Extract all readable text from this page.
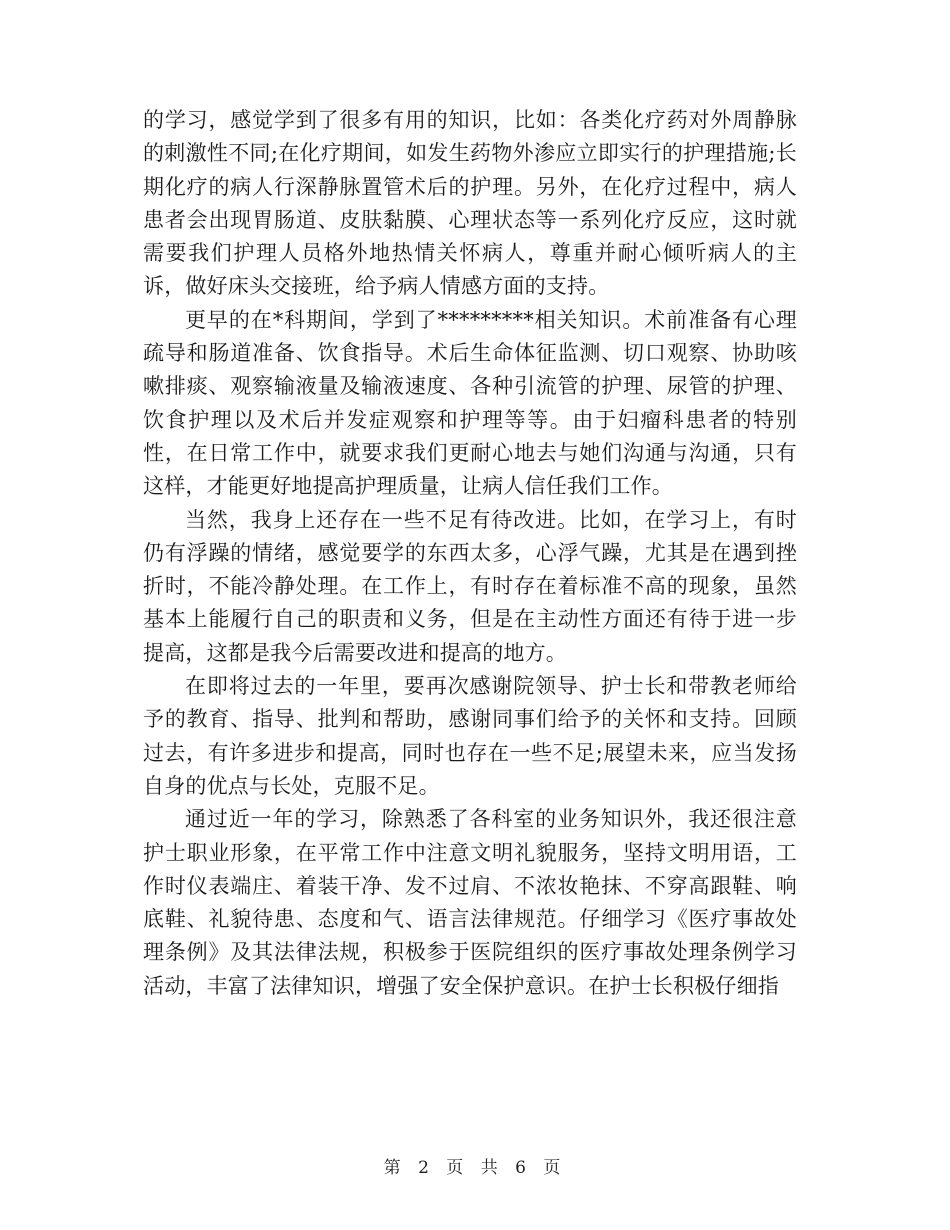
的学习，感觉学到了很多有用的知识，比如：各类化疗药对外周静脉的刺激性不同;在化疗期间，如发生药物外渗应立即实行的护理措施;长期化疗的病人行深静脉置管术后的护理。另外，在化疗过程中，病人患者会出现胃肠道、皮肤黏膜、心理状态等一系列化疗反应，这时就需要我们护理人员格外地热情关怀病人，尊重并耐心倾听病人的主诉，做好床头交接班，给予病人情感方面的支持。

更早的在*科期间，学到了*********相关知识。术前准备有心理疏导和肠道准备、饮食指导。术后生命体征监测、切口观察、协助咳嗽排痰、观察输液量及输液速度、各种引流管的护理、尿管的护理、饮食护理以及术后并发症观察和护理等等。由于妇瘤科患者的特别性，在日常工作中，就要求我们更耐心地去与她们沟通与沟通，只有这样，才能更好地提高护理质量，让病人信任我们工作。

当然，我身上还存在一些不足有待改进。比如，在学习上，有时仍有浮躁的情绪，感觉要学的东西太多，心浮气躁，尤其是在遇到挫折时，不能冷静处理。在工作上，有时存在着标准不高的现象，虽然基本上能履行自己的职责和义务，但是在主动性方面还有待于进一步提高，这都是我今后需要改进和提高的地方。

在即将过去的一年里，要再次感谢院领导、护士长和带教老师给予的教育、指导、批判和帮助，感谢同事们给予的关怀和支持。回顾过去，有许多进步和提高，同时也存在一些不足;展望未来，应当发扬自身的优点与长处，克服不足。

通过近一年的学习，除熟悉了各科室的业务知识外，我还很注意护士职业形象，在平常工作中注意文明礼貌服务，坚持文明用语，工作时仪表端庄、着装干净、发不过肩、不浓妆艳抹、不穿高跟鞋、响底鞋、礼貌待患、态度和气、语言法律规范。仔细学习《医疗事故处理条例》及其法律法规，积极参于医院组织的医疗事故处理条例学习活动，丰富了法律知识，增强了安全保护意识。在护士长积极仔细指

第 2 页 共 6 页
